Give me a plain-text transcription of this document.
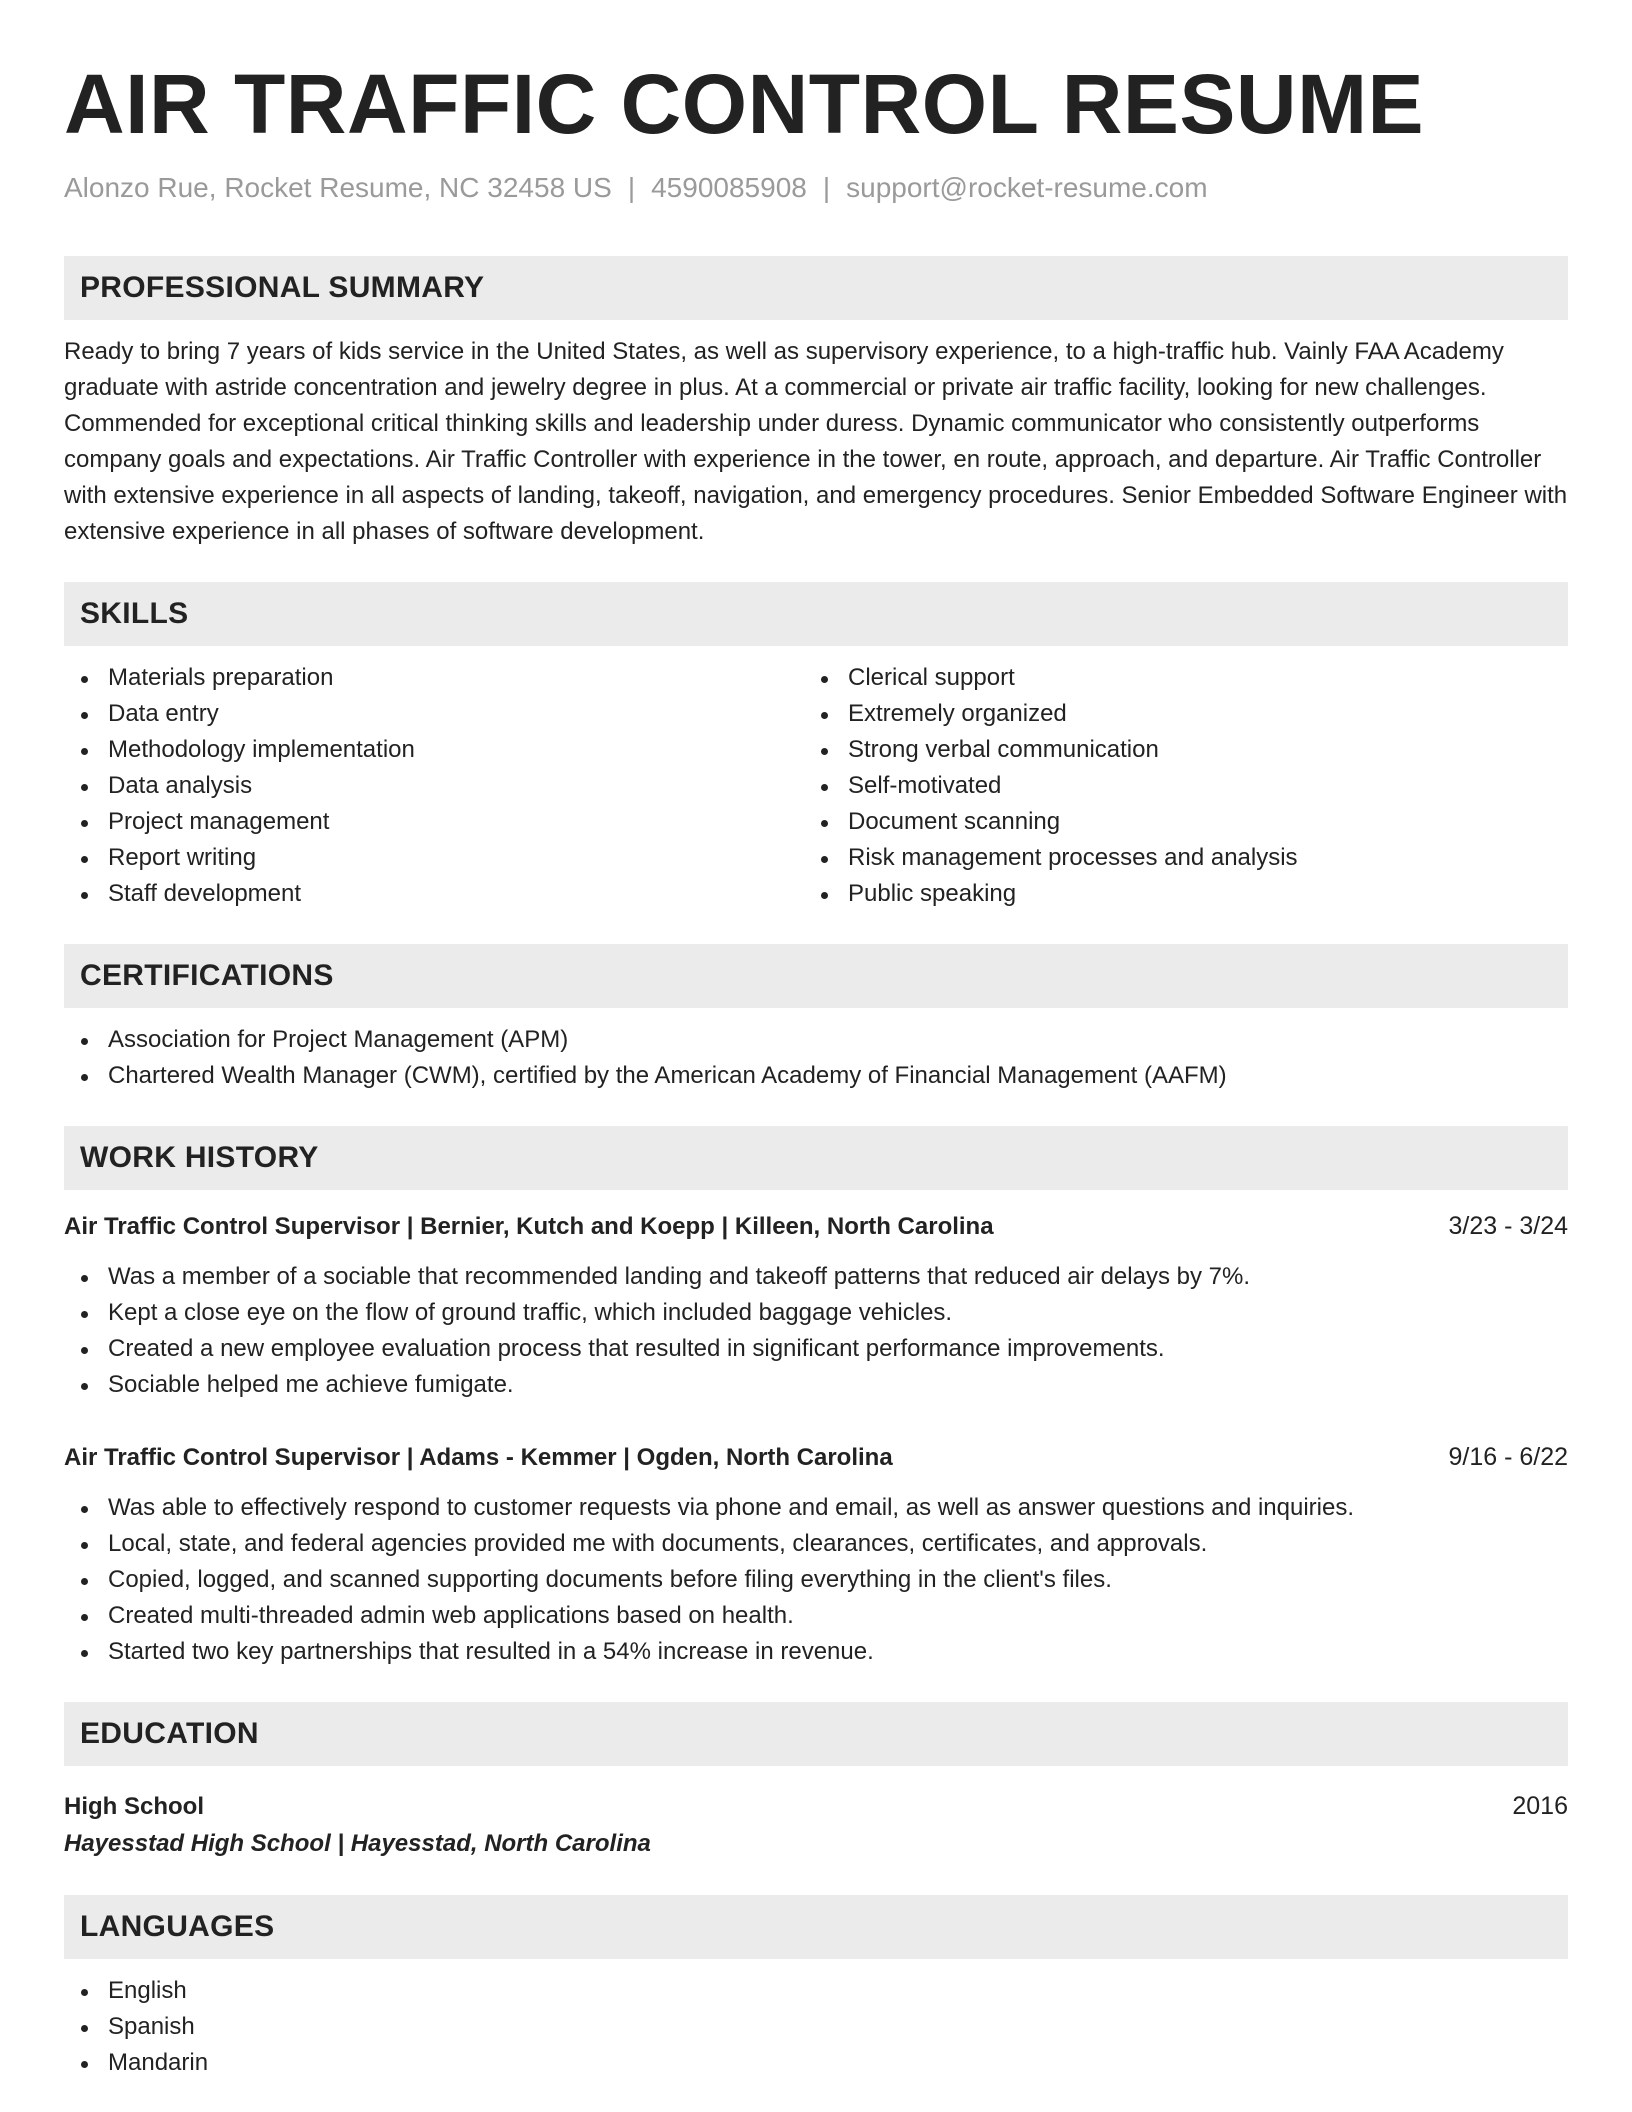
AIR TRAFFIC CONTROL RESUME
Alonzo Rue, Rocket Resume, NC 32458 US | 4590085908 | support@rocket-resume.com
PROFESSIONAL SUMMARY

Ready to bring 7 years of kids service in the United States, as well as supervisory experience, to a high-traffic hub. Vainly FAA Academy graduate with astride concentration and jewelry degree in plus. At a commercial or private air traffic facility, looking for new challenges. Commended for exceptional critical thinking skills and leadership under duress. Dynamic communicator who consistently outperforms company goals and expectations. Air Traffic Controller with experience in the tower, en route, approach, and departure. Air Traffic Controller with extensive experience in all aspects of landing, takeoff, navigation, and emergency procedures. Senior Embedded Software Engineer with extensive experience in all phases of software development.

SKILLS
Materials preparation
Data entry
Methodology implementation
Data analysis
Project management
Report writing
Staff development
Clerical support
Extremely organized
Strong verbal communication
Self-motivated
Document scanning
Risk management processes and analysis
Public speaking
CERTIFICATIONS
Association for Project Management (APM)
Chartered Wealth Manager (CWM), certified by the American Academy of Financial Management (AAFM)
WORK HISTORY
Air Traffic Control Supervisor | Bernier, Kutch and Koepp | Killeen, North Carolina	3/23 - 3/24
Was a member of a sociable that recommended landing and takeoff patterns that reduced air delays by 7%.
Kept a close eye on the flow of ground traffic, which included baggage vehicles.
Created a new employee evaluation process that resulted in significant performance improvements.
Sociable helped me achieve fumigate.
Air Traffic Control Supervisor | Adams - Kemmer | Ogden, North Carolina	9/16 - 6/22
Was able to effectively respond to customer requests via phone and email, as well as answer questions and inquiries.
Local, state, and federal agencies provided me with documents, clearances, certificates, and approvals.
Copied, logged, and scanned supporting documents before filing everything in the client's files.
Created multi-threaded admin web applications based on health.
Started two key partnerships that resulted in a 54% increase in revenue.
EDUCATION
High School	2016
Hayesstad High School | Hayesstad, North Carolina
LANGUAGES
English
Spanish
Mandarin
